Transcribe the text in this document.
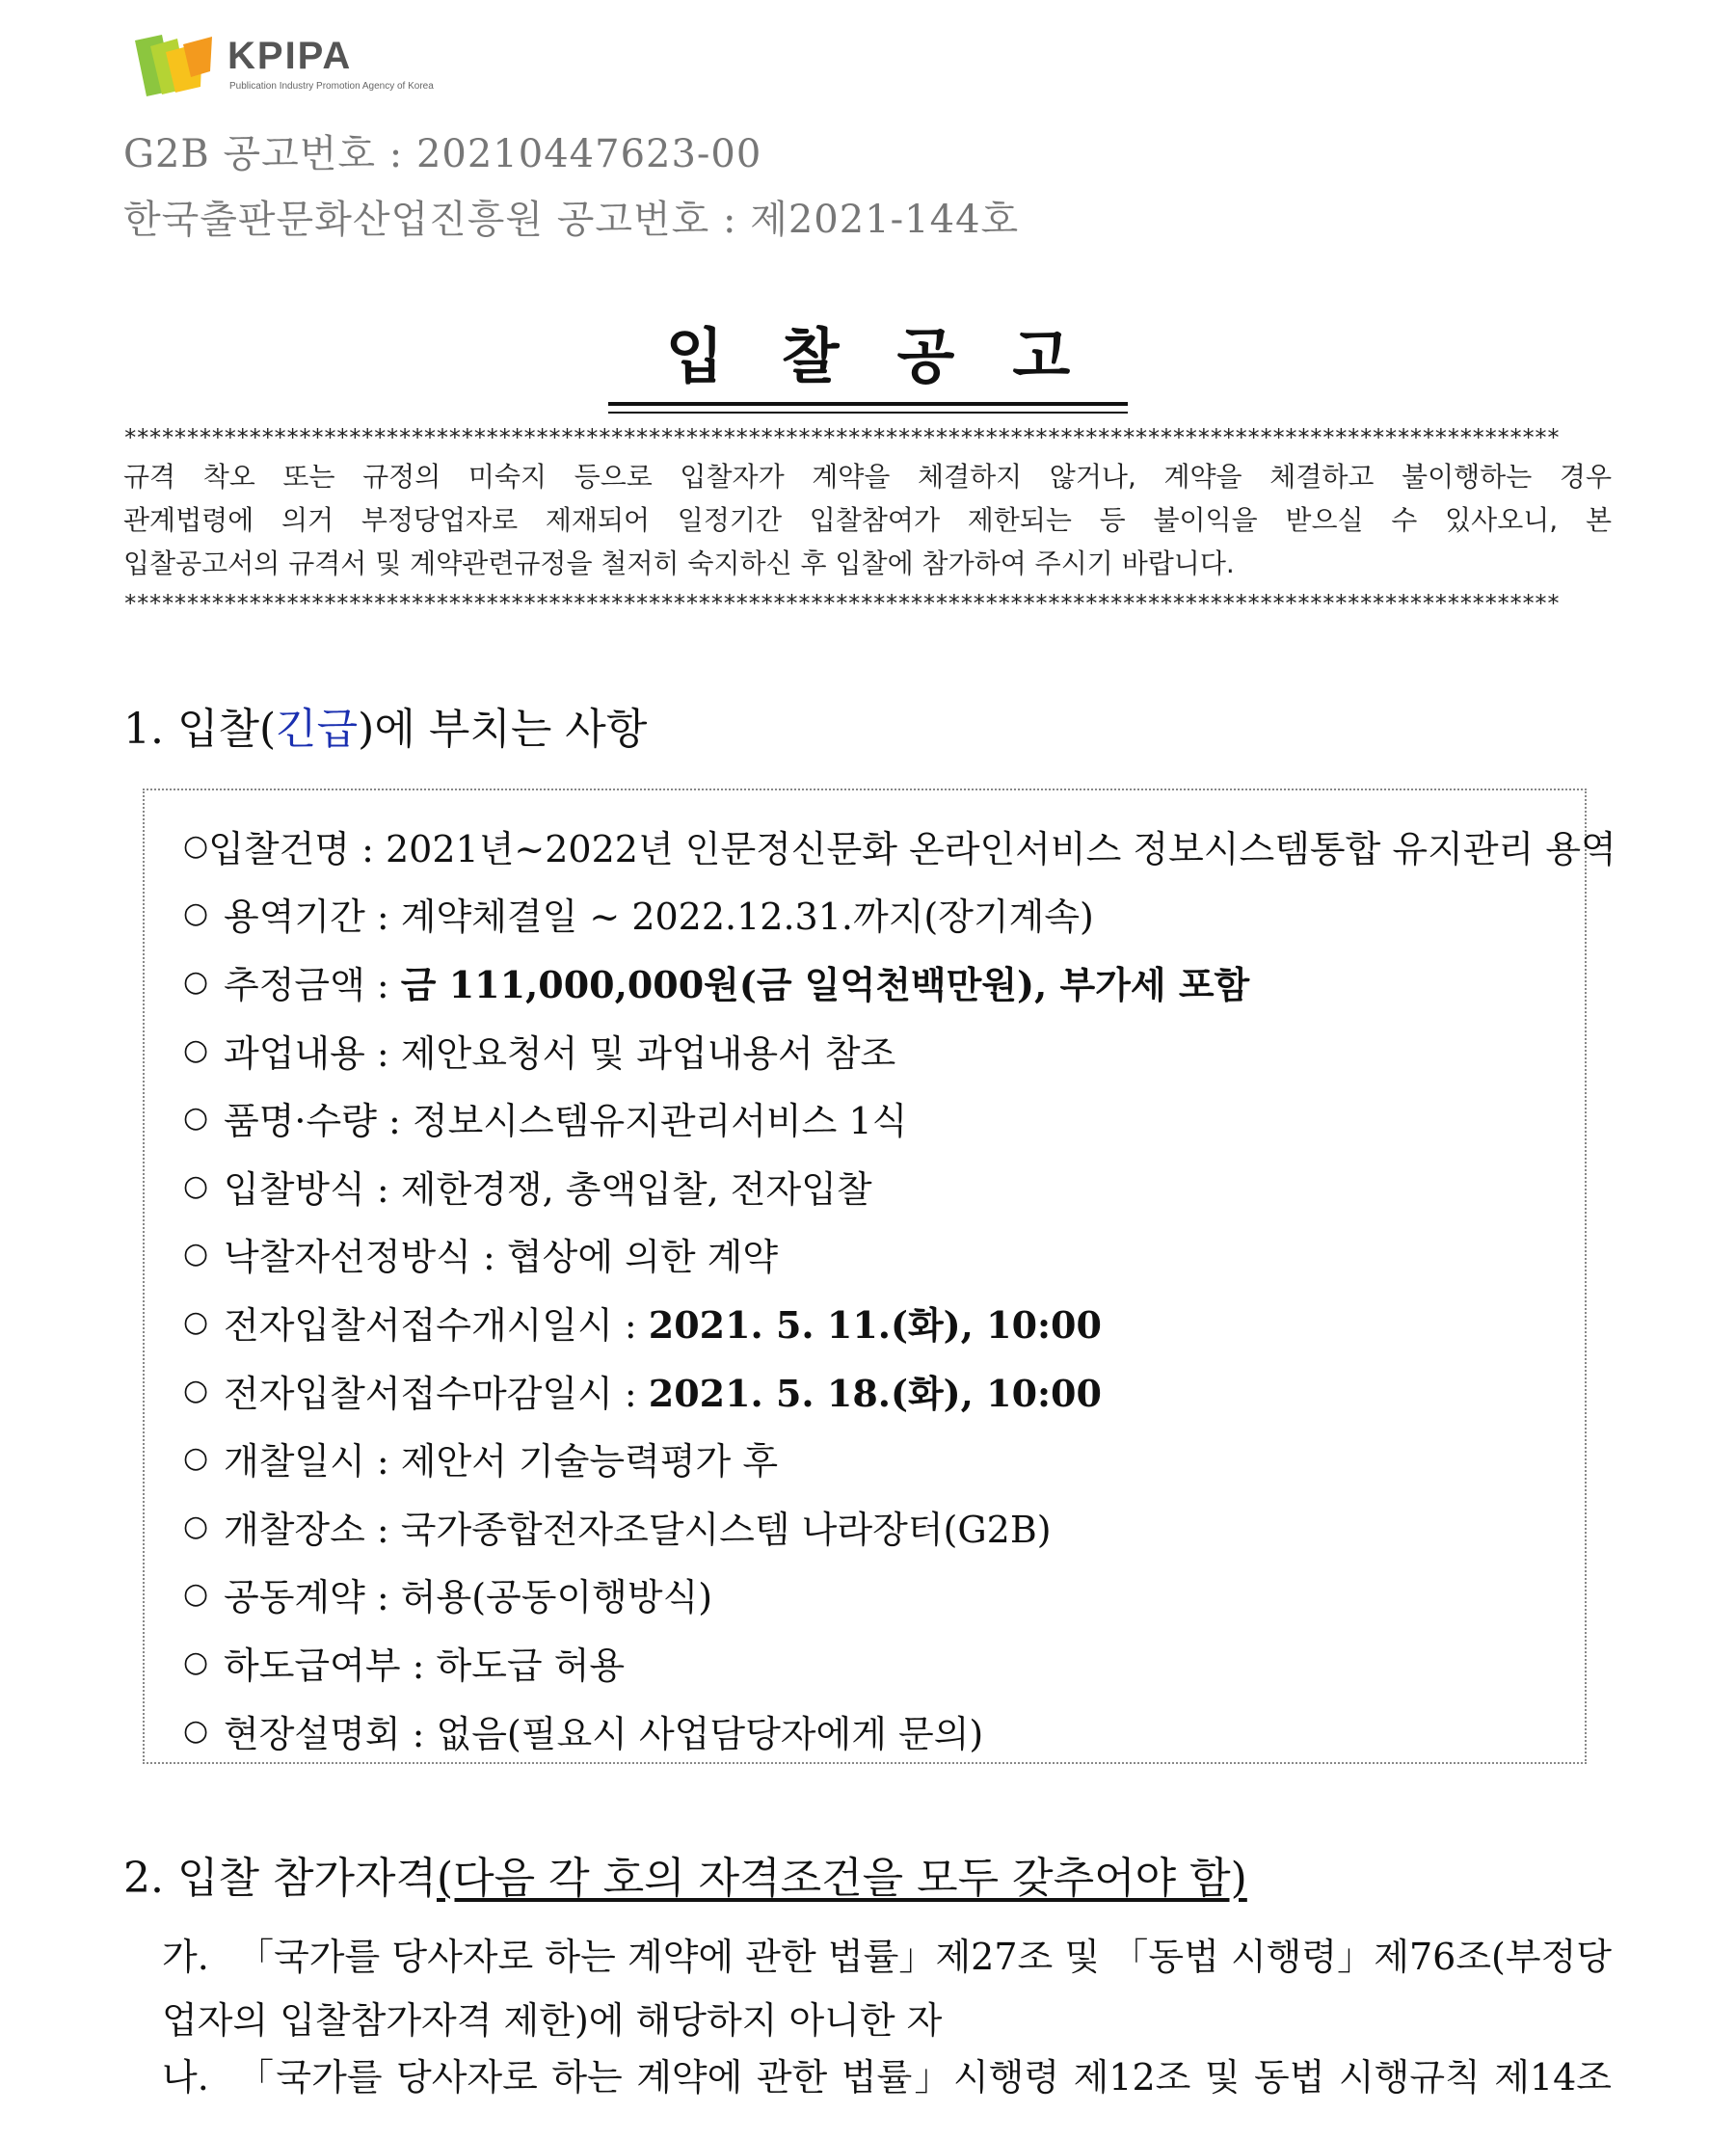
KPIPA
Publication Industry Promotion Agency of Korea
G2B 공고번호 : 20210447623-00
한국출판문화산업진흥원 공고번호 : 제2021-144호
입찰공고
*******************************************************************************************************************
규격 착오 또는 규정의 미숙지 등으로 입찰자가 계약을 체결하지 않거나, 계약을 체결하고 불이행하는 경우
관계법령에 의거 부정당업자로 제재되어 일정기간 입찰참여가 제한되는 등 불이익을 받으실 수 있사오니, 본
입찰공고서의 규격서 및 계약관련규정을 철저히 숙지하신 후 입찰에 참가하여 주시기 바랍니다.
*******************************************************************************************************************
1. 입찰(긴급)에 부치는 사항
○ 입찰건명 : 2021년~2022년 인문정신문화 온라인서비스 정보시스템통합 유지관리 용역
○ 용역기간 : 계약체결일 ~ 2022.12.31.까지(장기계속)
○ 추정금액 : 금 111,000,000원(금 일억천백만원), 부가세 포함
○ 과업내용 : 제안요청서 및 과업내용서 참조
○ 품명·수량 : 정보시스템유지관리서비스 1식
○ 입찰방식 : 제한경쟁, 총액입찰, 전자입찰
○ 낙찰자선정방식 : 협상에 의한 계약
○ 전자입찰서접수개시일시 : 2021. 5. 11.(화), 10:00
○ 전자입찰서접수마감일시 : 2021. 5. 18.(화), 10:00
○ 개찰일시 : 제안서 기술능력평가 후
○ 개찰장소 : 국가종합전자조달시스템 나라장터(G2B)
○ 공동계약 : 허용(공동이행방식)
○ 하도급여부 : 하도급 허용
○ 현장설명회 : 없음(필요시 사업담당자에게 문의)
2. 입찰 참가자격(다음 각 호의 자격조건을 모두 갖추어야 함)
가. 「국가를 당사자로 하는 계약에 관한 법률」제27조 및 「동법 시행령」제76조(부정당
업자의 입찰참가자격 제한)에 해당하지 아니한 자
나. 「국가를 당사자로 하는 계약에 관한 법률」시행령 제12조 및 동법 시행규칙 제14조
